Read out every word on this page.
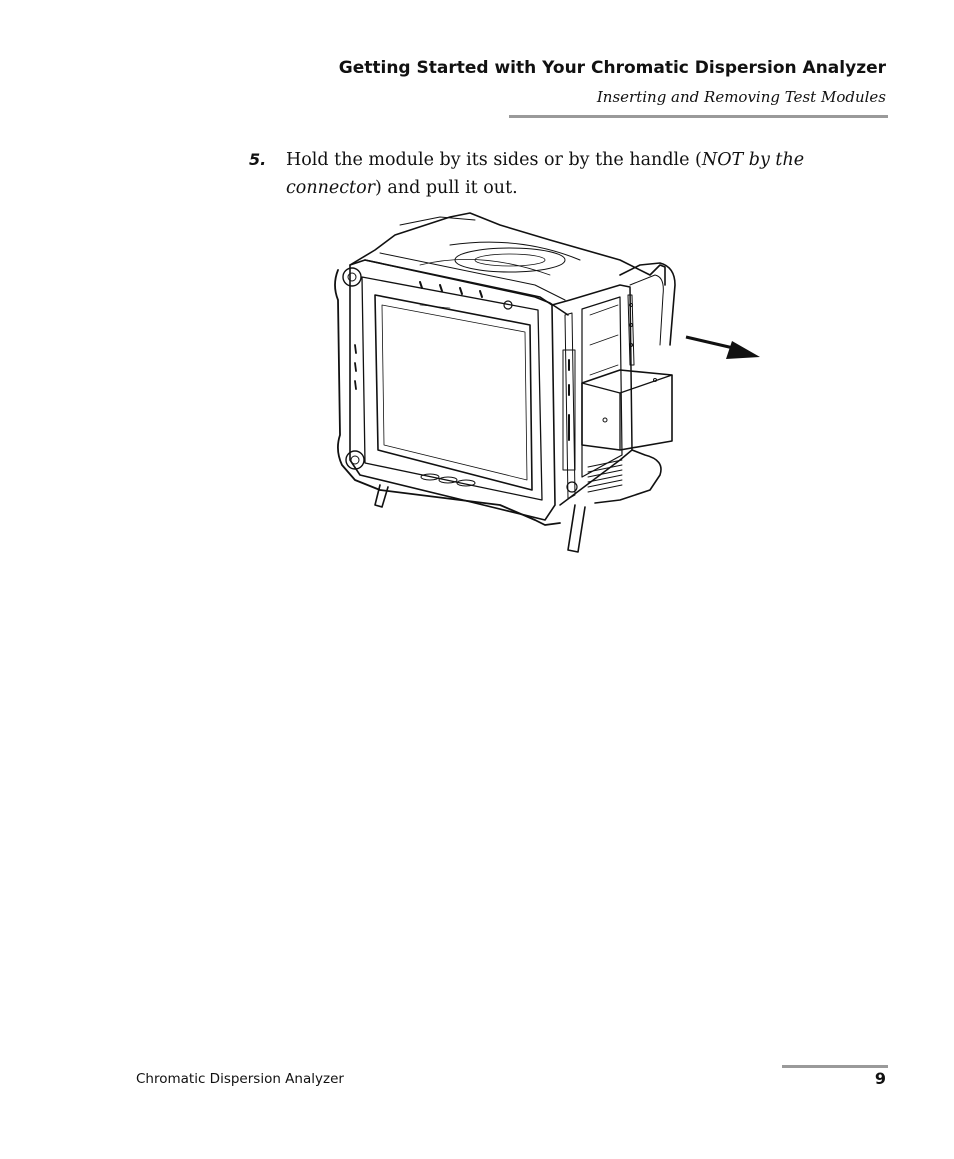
Getting Started with Your Chromatic Dispersion Analyzer
Inserting and Removing Test Modules
5. Hold the module by its sides or by the handle (NOT by the connector) and pull it out.
Chromatic Dispersion Analyzer	9
